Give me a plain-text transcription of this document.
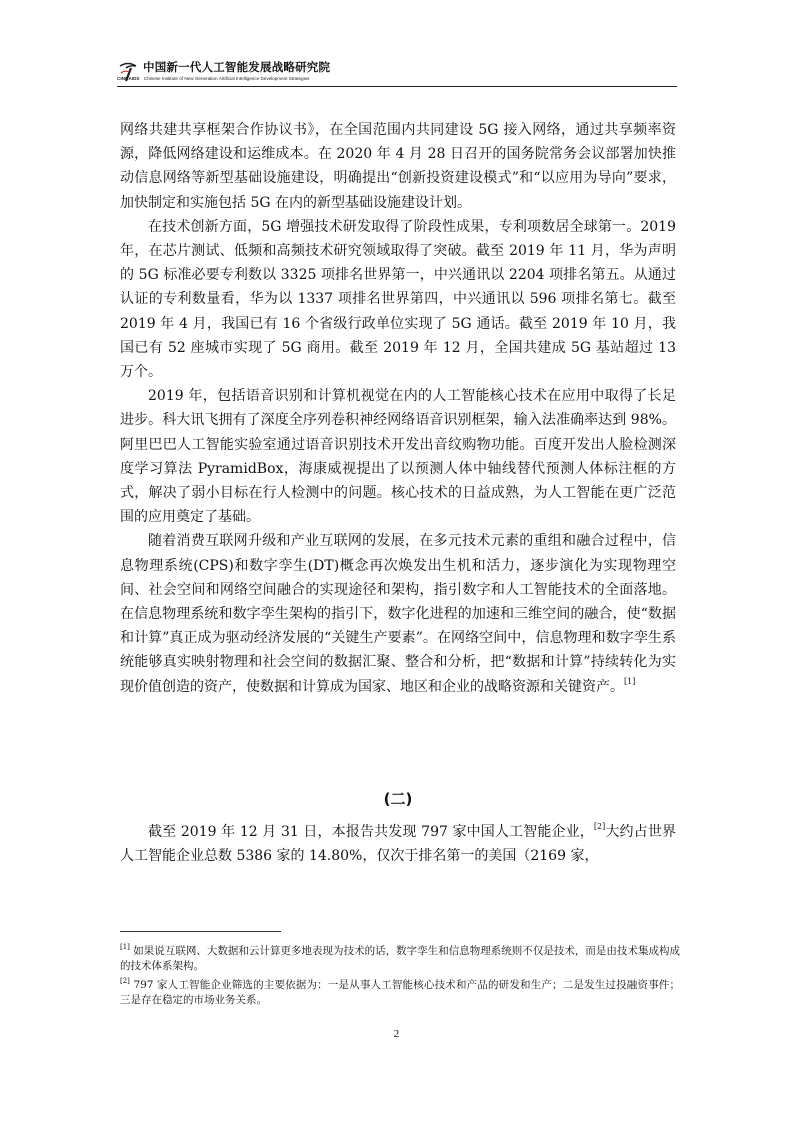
中国新一代人工智能发展战略研究院
CINGAIDS Chinese Institute of New Generation Artificial Intelligence Development Strategies

网络共建共享框架合作协议书》，在全国范围内共同建设 5G 接入网络，通过共享频率资源，降低网络建设和运维成本。在 2020 年 4 月 28 日召开的国务院常务会议部署加快推动信息网络等新型基础设施建设，明确提出“创新投资建设模式”和“以应用为导向”要求，加快制定和实施包括 5G 在内的新型基础设施建设计划。

在技术创新方面，5G 增强技术研发取得了阶段性成果，专利项数居全球第一。2019 年，在芯片测试、低频和高频技术研究领域取得了突破。截至 2019 年 11 月，华为声明的 5G 标准必要专利数以 3325 项排名世界第一，中兴通讯以 2204 项排名第五。从通过认证的专利数量看，华为以 1337 项排名世界第四，中兴通讯以 596 项排名第七。截至 2019 年 4 月，我国已有 16 个省级行政单位实现了 5G 通话。截至 2019 年 10 月，我国已有 52 座城市实现了 5G 商用。截至 2019 年 12 月，全国共建成 5G 基站超过 13 万个。

2019 年，包括语音识别和计算机视觉在内的人工智能核心技术在应用中取得了长足进步。科大讯飞拥有了深度全序列卷积神经网络语音识别框架，输入法准确率达到 98%。阿里巴巴人工智能实验室通过语音识别技术开发出音纹购物功能。百度开发出人脸检测深度学习算法 PyramidBox，海康威视提出了以预测人体中轴线替代预测人体标注框的方式，解决了弱小目标在行人检测中的问题。核心技术的日益成熟，为人工智能在更广泛范围的应用奠定了基础。

随着消费互联网升级和产业互联网的发展，在多元技术元素的重组和融合过程中，信息物理系统(CPS)和数字孪生(DT)概念再次焕发出生机和活力，逐步演化为实现物理空间、社会空间和网络空间融合的实现途径和架构，指引数字和人工智能技术的全面落地。在信息物理系统和数字孪生架构的指引下，数字化进程的加速和三维空间的融合，使“数据和计算”真正成为驱动经济发展的“关键生产要素”。在网络空间中，信息物理和数字孪生系统能够真实映射物理和社会空间的数据汇聚、整合和分析，把“数据和计算”持续转化为实现价值创造的资产，使数据和计算成为国家、地区和企业的战略资源和关键资产。[1]

(二)

截至 2019 年 12 月 31 日，本报告共发现 797 家中国人工智能企业，[2]大约占世界人工智能企业总数 5386 家的 14.80%，仅次于排名第一的美国（2169 家，

[1] 如果说互联网、大数据和云计算更多地表现为技术的话，数字孪生和信息物理系统则不仅是技术，而是由技术集成构成的技术体系架构。

[2] 797 家人工智能企业筛选的主要依据为：一是从事人工智能核心技术和产品的研发和生产；二是发生过投融资事件；三是存在稳定的市场业务关系。

2
